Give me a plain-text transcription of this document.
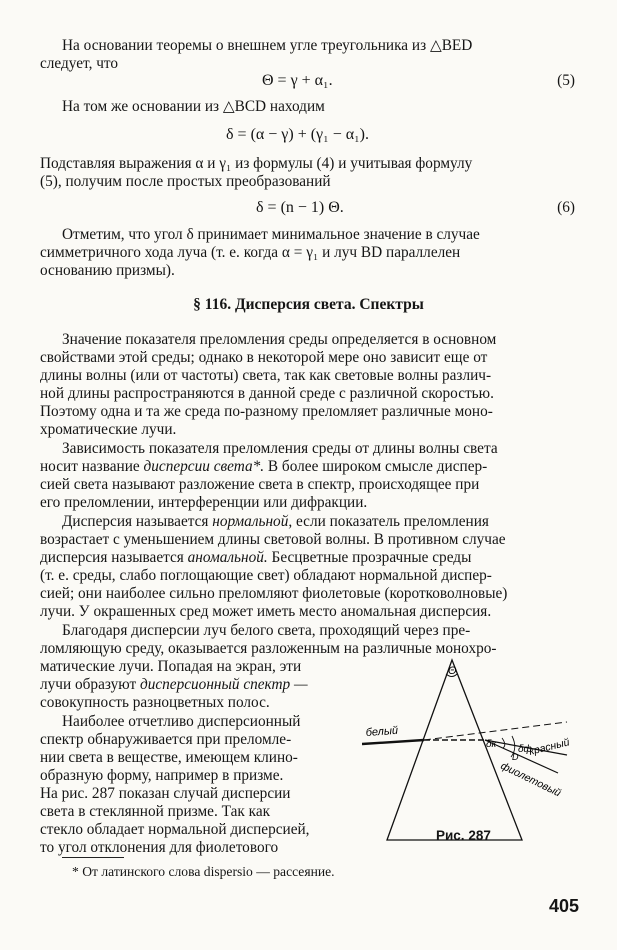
На основании теоремы о внешнем угле треугольника из △BED
следует, что
Θ = γ + α₁.	(5)
На том же основании из △BCD находим
δ = (α − γ) + (γ₁ − α₁).
Подставляя выражения α и γ₁ из формулы (4) и учитывая формулу
(5), получим после простых преобразований
δ = (n − 1) Θ.	(6)
Отметим, что угол δ принимает минимальное значение в случае
симметричного хода луча (т. е. когда α = γ₁ и луч BD параллелен
основанию призмы).
§ 116. Дисперсия света. Спектры
Значение показателя преломления среды определяется в основном
свойствами этой среды; однако в некоторой мере оно зависит еще от
длины волны (или от частоты) света, так как световые волны различ-
ной длины распространяются в данной среде с различной скоростью.
Поэтому одна и та же среда по-разному преломляет различные моно-
хроматические лучи.
Зависимость показателя преломления среды от длины волны света
носит название дисперсии света*. В более широком смысле диспер-
сией света называют разложение света в спектр, происходящее при
его преломлении, интерференции или дифракции.
Дисперсия называется нормальной, если показатель преломления
возрастает с уменьшением длины световой волны. В противном случае
дисперсия называется аномальной. Бесцветные прозрачные среды
(т. е. среды, слабо поглощающие свет) обладают нормальной диспер-
сией; они наиболее сильно преломляют фиолетовые (коротковолновые)
лучи. У окрашенных сред может иметь место аномальная дисперсия.
Благодаря дисперсии луч белого света, проходящий через пре-
ломляющую среду, оказывается разложенным на различные монохро-
матические лучи. Попадая на экран, эти
лучи образуют дисперсионный спектр —
совокупность разноцветных полос.
Наиболее отчетливо дисперсионный
спектр обнаруживается при преломле-
нии света в веществе, имеющем клино-
образную форму, например в призме.
На рис. 287 показан случай дисперсии
света в стеклянной призме. Так как
стекло обладает нормальной дисперсией,
то угол отклонения для фиолетового
Θ
белый
δк δф
красный
D
фиолетовый
Рис. 287
* От латинского слова dispersio — рассеяние.
405
